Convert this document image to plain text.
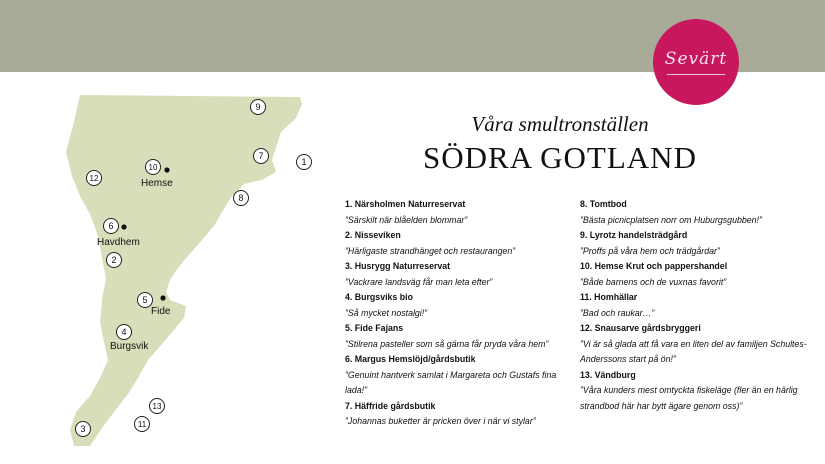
Sevärt
1
2
3
4
5
6
7
8
9
10
11
12
13
Hemse
Havdhem
Fide
Burgsvik
Våra smultronställen
SÖDRA GOTLAND
1. Närsholmen Naturreservat
”Särskilt när blåelden blommar”
2. Nisseviken
”Härligaste strandhänget och restaurangen”
3. Husrygg Naturreservat
”Vackrare landsväg får man leta efter”
4. Burgsviks bio
”Så mycket nostalgi!”
5. Fide Fajans
”Stilrena pasteller som så gärna får pryda våra hem”
6. Margus Hemslöjd/gårdsbutik
”Genuint hantverk samlat i Margareta och Gustafs fina lada!”
7. Häffride gårdsbutik
”Johannas buketter är pricken över i när vi stylar”
8. Tomtbod
”Bästa picnicplatsen norr om Huburgsgubben!”
9. Lyrotz handelsträdgård
”Proffs på våra hem och trädgårdar”
10. Hemse Krut och pappershandel
”Både barnens och de vuxnas favorit”
11. Homhällar
”Bad och raukar…”
12. Snausarve gårdsbryggeri
”Vi är så glada att få vara en liten del av familjen Schultes-Anderssons start på ön!”
13. Vändburg
”Våra kunders mest omtyckta fiskeläge (fler än en härlig strandbod här har bytt ägare genom oss)”
